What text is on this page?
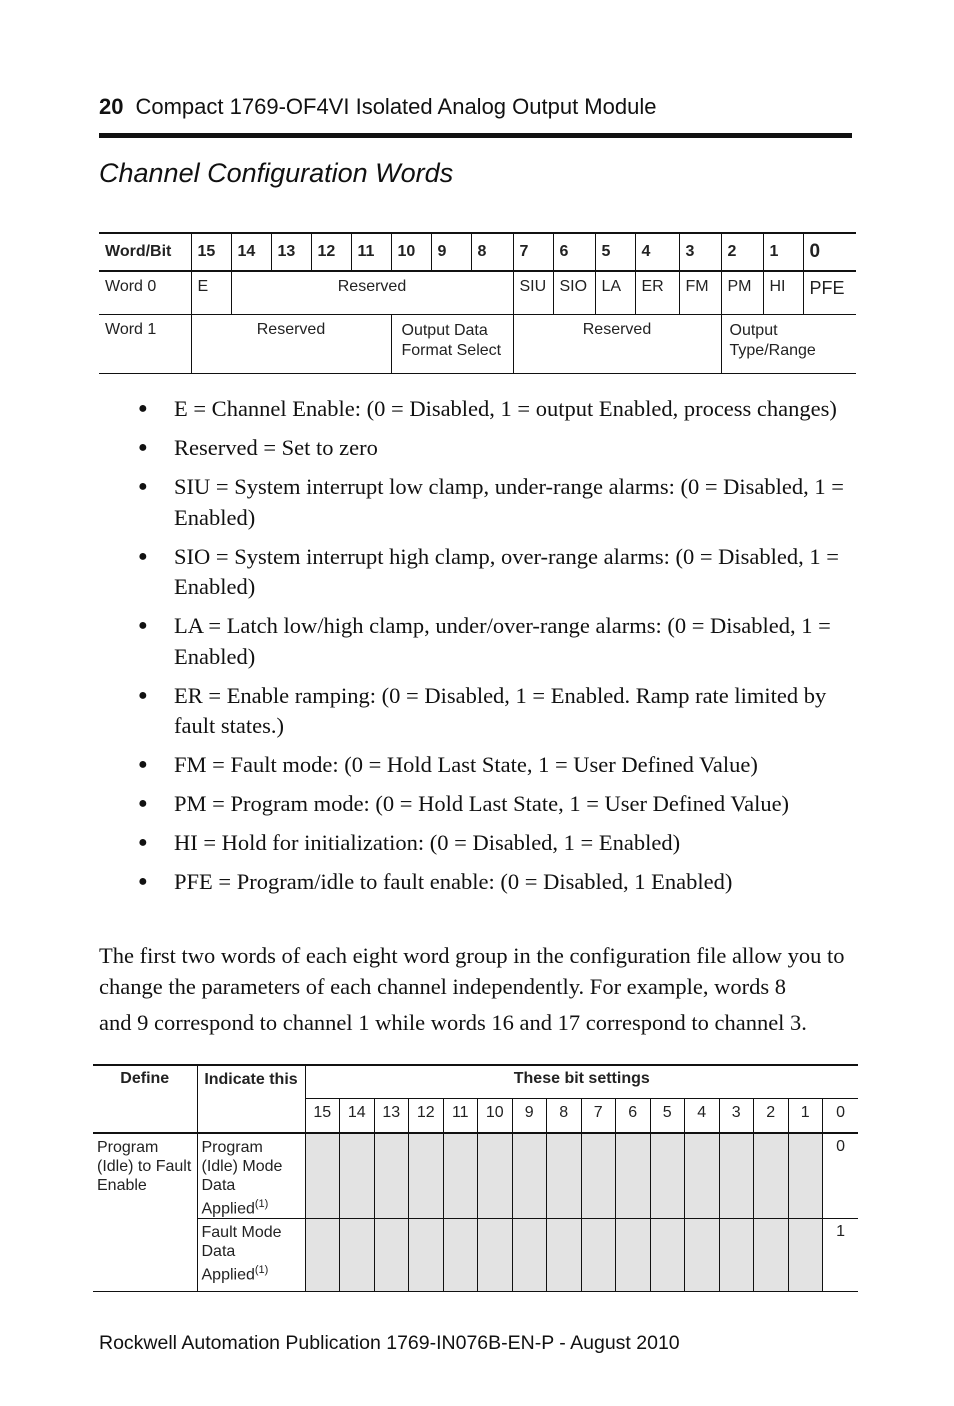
20 Compact 1769-OF4VI Isolated Analog Output Module
Channel Configuration Words
Word/Bit	15	14	13	12	11	10	9	8	7	6	5	4	3	2	1	0
Word 0	E	Reserved							SIU	SIO	LA	ER	FM	PM	HI	PFE
Word 1	Reserved					Output Data Format Select			Reserved					Output Type/Range		
● E = Channel Enable: (0 = Disabled, 1 = output Enabled, process changes)
● Reserved = Set to zero
● SIU = System interrupt low clamp, under-range alarms: (0 = Disabled, 1 = Enabled)
● SIO = System interrupt high clamp, over-range alarms: (0 = Disabled, 1 = Enabled)
● LA = Latch low/high clamp, under/over-range alarms: (0 = Disabled, 1 = Enabled)
● ER = Enable ramping: (0 = Disabled, 1 = Enabled. Ramp rate limited by fault states.)
● FM = Fault mode: (0 = Hold Last State, 1 = User Defined Value)
● PM = Program mode: (0 = Hold Last State, 1 = User Defined Value)
● HI = Hold for initialization: (0 = Disabled, 1 = Enabled)
● PFE = Program/idle to fault enable: (0 = Disabled, 1 Enabled)
The first two words of each eight word group in the configuration file allow you to change the parameters of each channel independently. For example, words 8
and 9 correspond to channel 1 while words 16 and 17 correspond to channel 3.
Define	Indicate this	These bit settings															
		15	14	13	12	11	10	9	8	7	6	5	4	3	2	1	0
Program (Idle) to Fault Enable	Program (Idle) Mode Data Applied$^{(1)}$																0
	Fault Mode Data Applied$^{(1)}$																1
Rockwell Automation Publication 1769-IN076B-EN-P - August 2010
